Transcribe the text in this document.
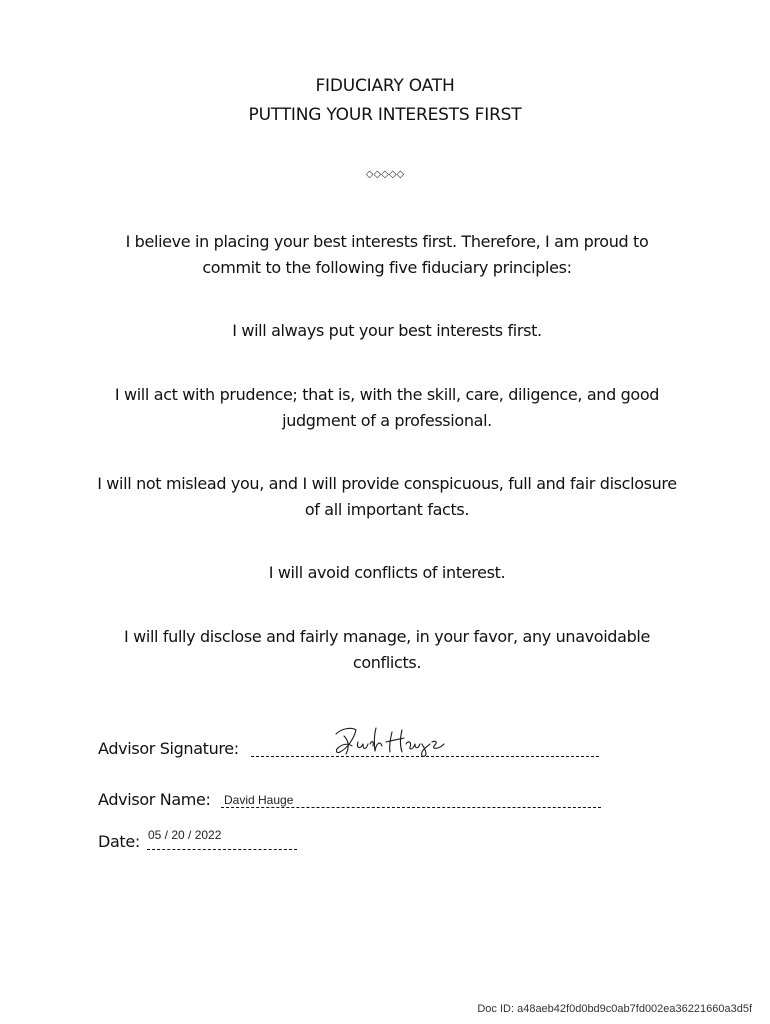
FIDUCIARY OATH
PUTTING YOUR INTERESTS FIRST
◇◇◇◇◇
I believe in placing your best interests first. Therefore, I am proud to commit to the following five fiduciary principles:
I will always put your best interests first.
I will act with prudence; that is, with the skill, care, diligence, and good judgment of a professional.
I will not mislead you, and I will provide conspicuous, full and fair disclosure of all important facts.
I will avoid conflicts of interest.
I will fully disclose and fairly manage, in your favor, any unavoidable conflicts.
Advisor Signature:
Advisor Name: David Hauge
Date: 05 / 20 / 2022
Doc ID: a48aeb42f0d0bd9c0ab7fd002ea36221660a3d5f
